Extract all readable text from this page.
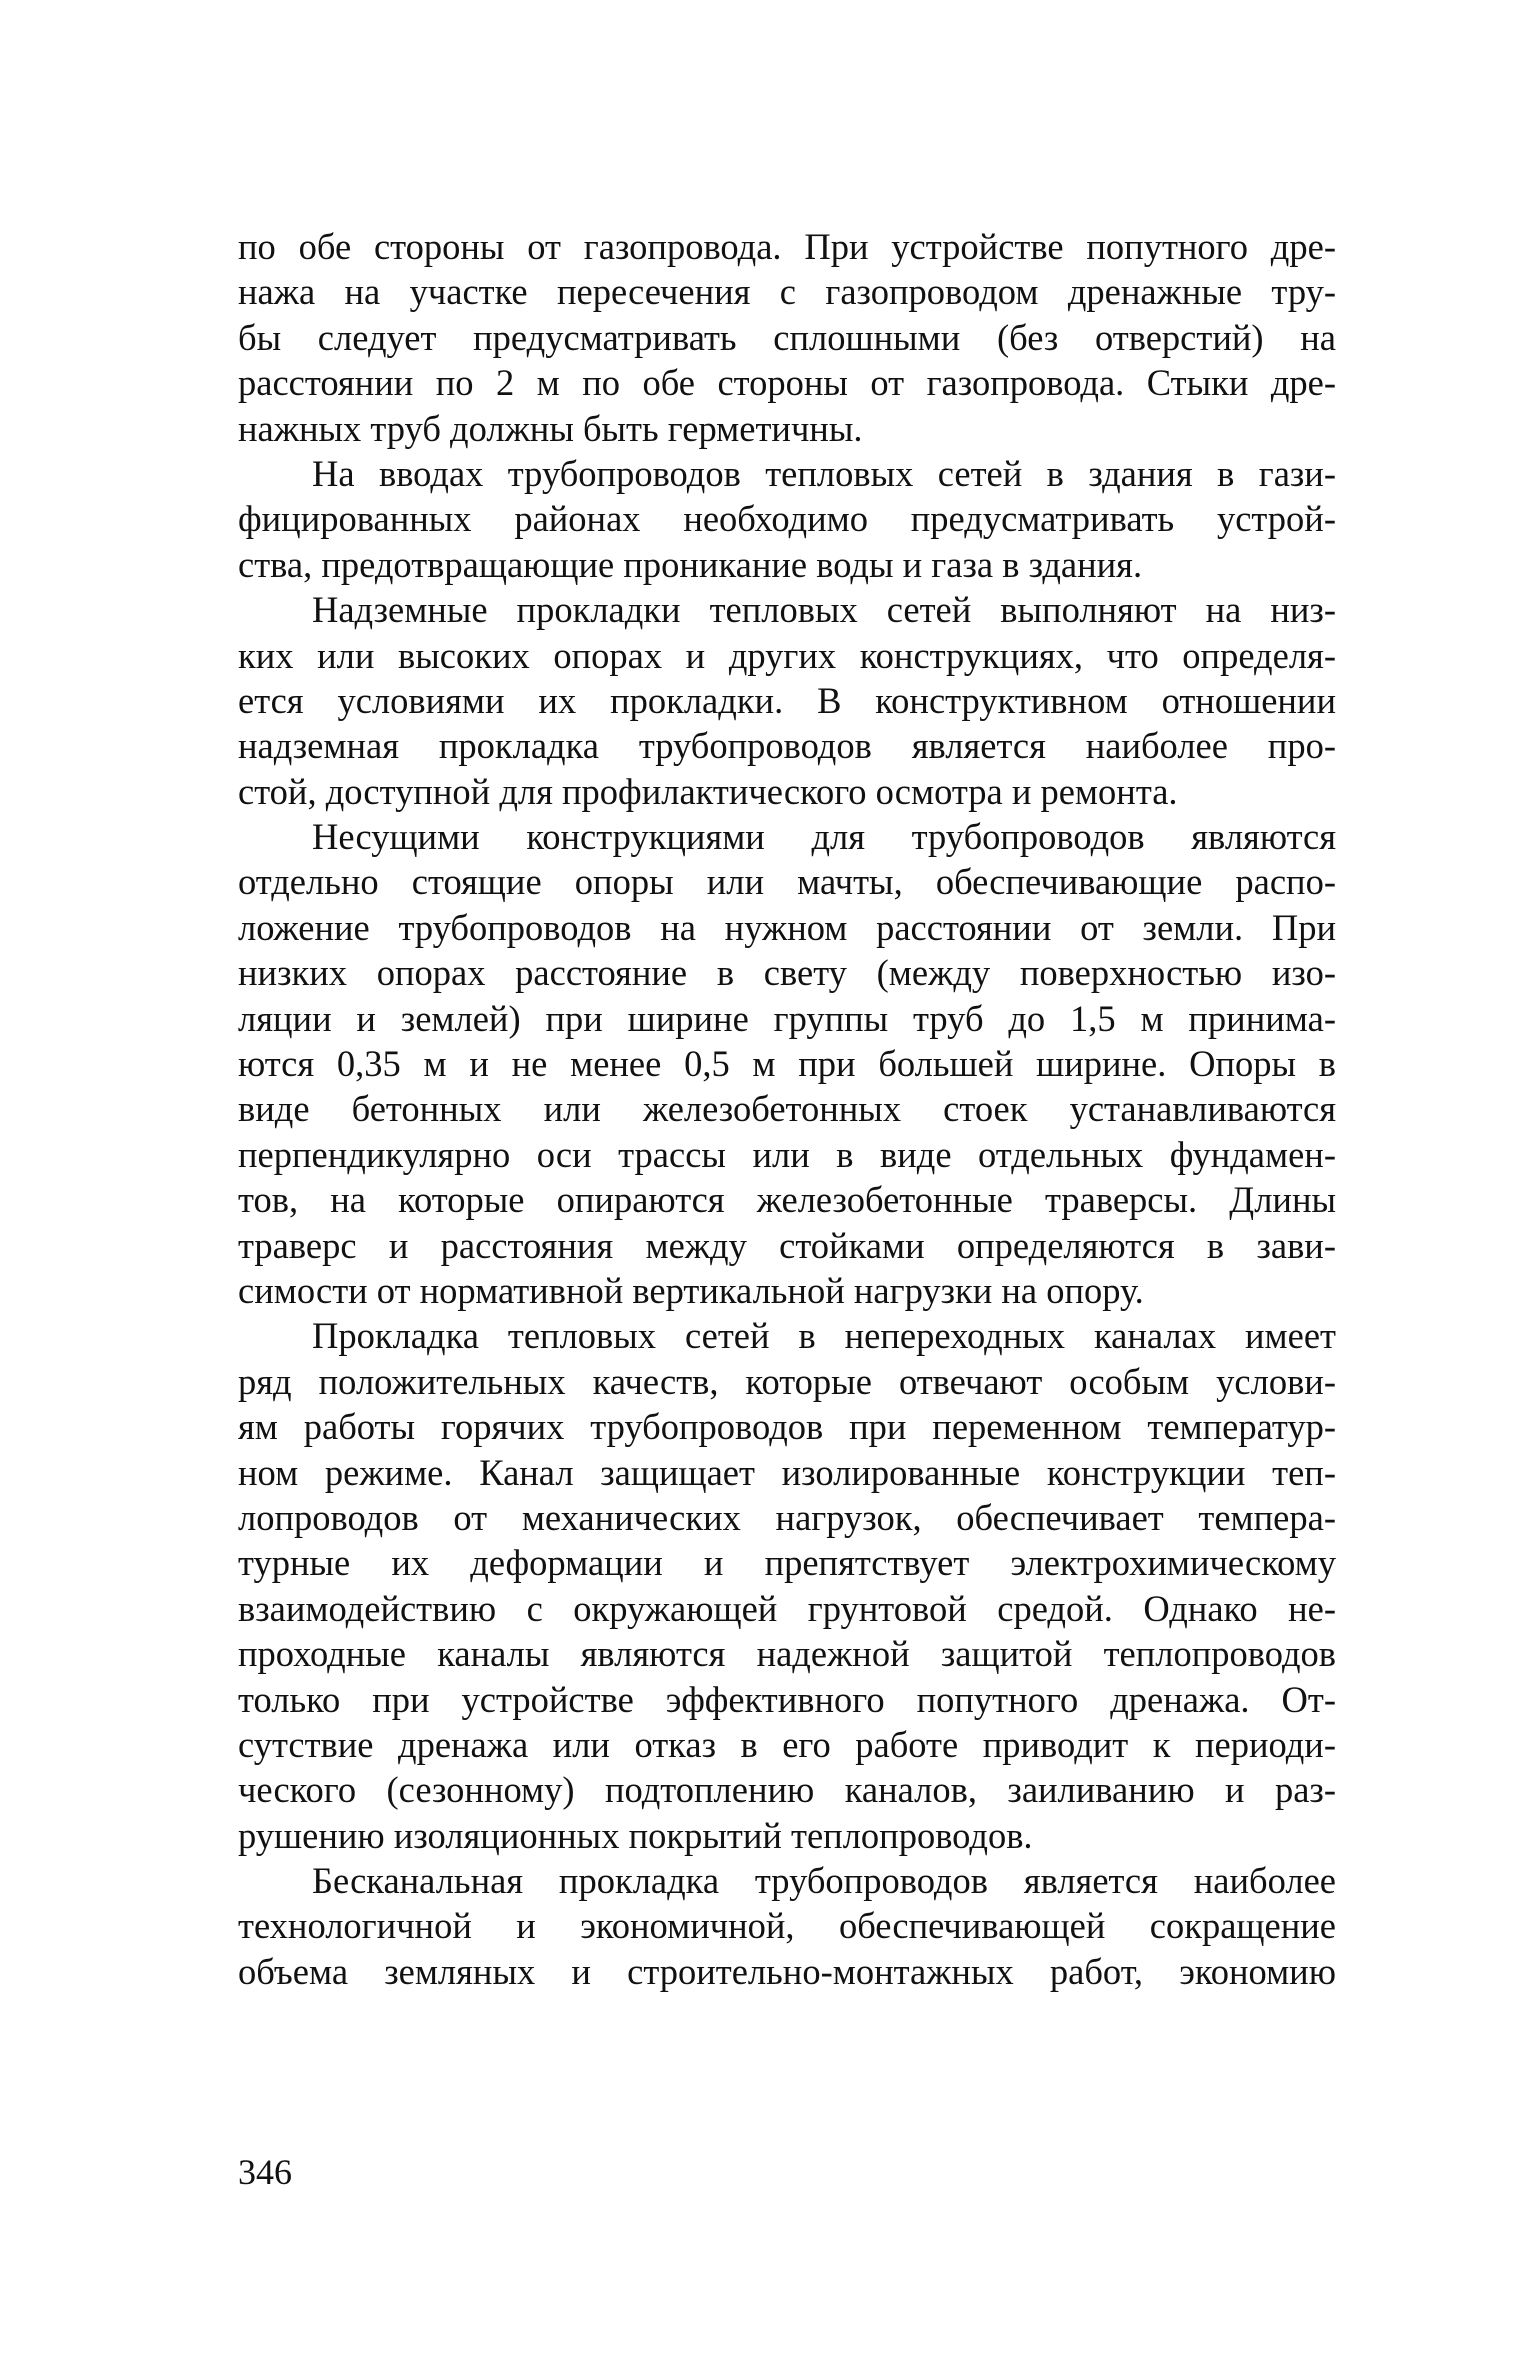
по обе стороны от газопровода. При устройстве попутного дре-
нажа на участке пересечения с газопроводом дренажные тру-
бы следует предусматривать сплошными (без отверстий) на
расстоянии по 2 м по обе стороны от газопровода. Стыки дре-
нажных труб должны быть герметичны.
На вводах трубопроводов тепловых сетей в здания в гази-
фицированных районах необходимо предусматривать устрой-
ства, предотвращающие проникание воды и газа в здания.
Надземные прокладки тепловых сетей выполняют на низ-
ких или высоких опорах и других конструкциях, что определя-
ется условиями их прокладки. В конструктивном отношении
надземная прокладка трубопроводов является наиболее про-
стой, доступной для профилактического осмотра и ремонта.
Несущими конструкциями для трубопроводов являются
отдельно стоящие опоры или мачты, обеспечивающие распо-
ложение трубопроводов на нужном расстоянии от земли. При
низких опорах расстояние в свету (между поверхностью изо-
ляции и землей) при ширине группы труб до 1,5 м принима-
ются 0,35 м и не менее 0,5 м при большей ширине. Опоры в
виде бетонных или железобетонных стоек устанавливаются
перпендикулярно оси трассы или в виде отдельных фундамен-
тов, на которые опираются железобетонные траверсы. Длины
траверс и расстояния между стойками определяются в зави-
симости от нормативной вертикальной нагрузки на опору.
Прокладка тепловых сетей в непереходных каналах имеет
ряд положительных качеств, которые отвечают особым услови-
ям работы горячих трубопроводов при переменном температур-
ном режиме. Канал защищает изолированные конструкции теп-
лопроводов от механических нагрузок, обеспечивает темпера-
турные их деформации и препятствует электрохимическому
взаимодействию с окружающей грунтовой средой. Однако не-
проходные каналы являются надежной защитой теплопроводов
только при устройстве эффективного попутного дренажа. От-
сутствие дренажа или отказ в его работе приводит к периоди-
ческого (сезонному) подтоплению каналов, заиливанию и раз-
рушению изоляционных покрытий теплопроводов.
Бесканальная прокладка трубопроводов является наиболее
технологичной и экономичной, обеспечивающей сокращение
объема земляных и строительно-монтажных работ, экономию
346
